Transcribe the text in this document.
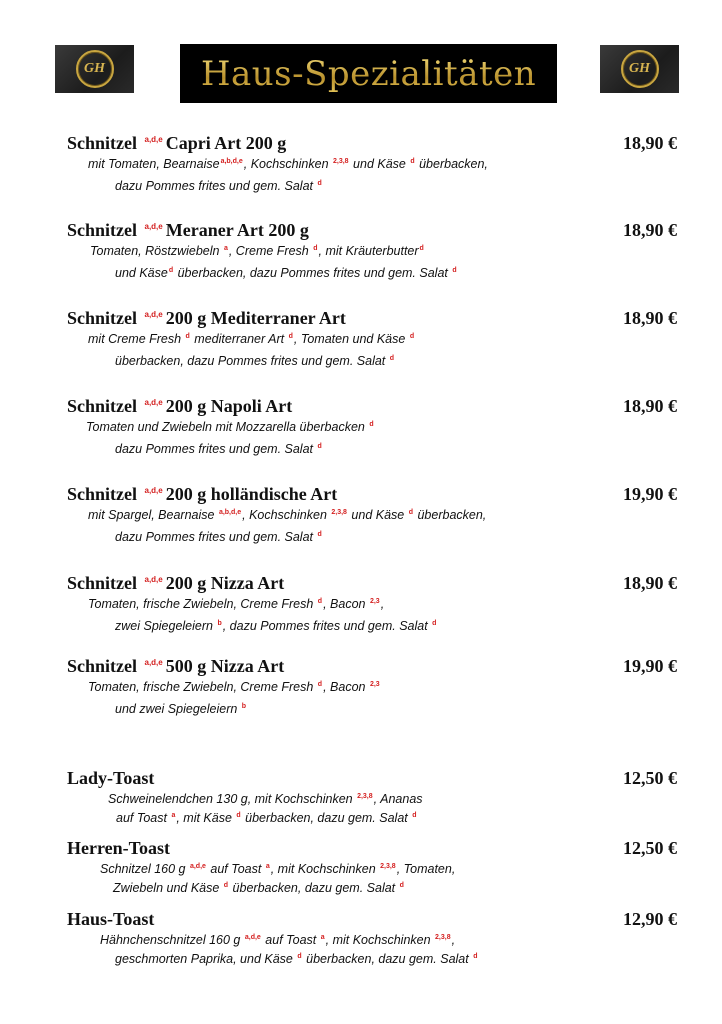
GH	Haus-Spezialitäten	GH
Schnitzel $^{a,d,e}$ Capri Art 200 g	18,90 €
mit Tomaten, Bearnaise$^{a,b,d,e}$, Kochschinken $^{2,3,8}$ und Käse $^d$ überbacken,
dazu Pommes frites und gem. Salat $^d$
Schnitzel $^{a,d,e}$ Meraner Art 200 g	18,90 €
Tomaten, Röstzwiebeln $^a$, Creme Fresh $^d$, mit Kräuterbutter$^d$
und Käse$^d$ überbacken, dazu Pommes frites und gem. Salat $^d$
Schnitzel $^{a,d,e}$ 200 g Mediterraner Art	18,90 €
mit Creme Fresh $^d$ mediterraner Art $^d$, Tomaten und Käse $^d$
überbacken, dazu Pommes frites und gem. Salat $^d$
Schnitzel $^{a,d,e}$ 200 g Napoli Art	18,90 €
Tomaten und Zwiebeln mit Mozzarella überbacken $^d$
dazu Pommes frites und gem. Salat $^d$
Schnitzel $^{a,d,e}$ 200 g holländische Art	19,90 €
mit Spargel, Bearnaise $^{a,b,d,e}$, Kochschinken $^{2,3,8}$ und Käse $^d$ überbacken,
dazu Pommes frites und gem. Salat $^d$
Schnitzel $^{a,d,e}$ 200 g Nizza Art	18,90 €
Tomaten, frische Zwiebeln, Creme Fresh $^d$, Bacon $^{2,3}$,
zwei Spiegeleiern $^b$, dazu Pommes frites und gem. Salat $^d$
Schnitzel $^{a,d,e}$ 500 g Nizza Art	19,90 €
Tomaten, frische Zwiebeln, Creme Fresh $^d$, Bacon $^{2,3}$
und zwei Spiegeleiern $^b$
Lady-Toast	12,50 €
Schweinelendchen 130 g, mit Kochschinken $^{2,3,8}$, Ananas
auf Toast $^a$, mit Käse $^d$ überbacken, dazu gem. Salat $^d$
Herren-Toast	12,50 €
Schnitzel 160 g $^{a,d,e}$ auf Toast $^a$, mit Kochschinken $^{2,3,8}$, Tomaten,
Zwiebeln und Käse $^d$ überbacken, dazu gem. Salat $^d$
Haus-Toast	12,90 €
Hähnchenschnitzel 160 g $^{a,d,e}$ auf Toast $^a$, mit Kochschinken $^{2,3,8}$,
geschmorten Paprika, und Käse $^d$ überbacken, dazu gem. Salat $^d$
